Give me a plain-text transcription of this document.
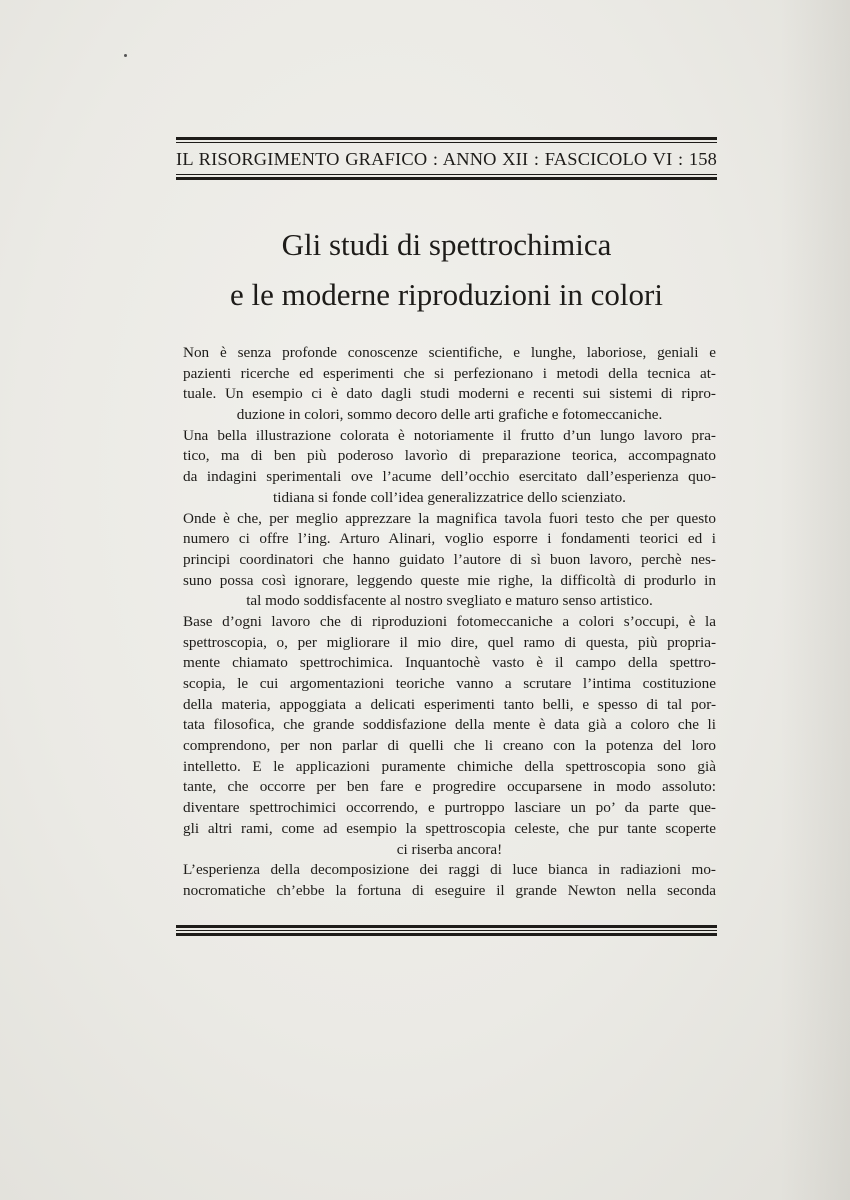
IL RISORGIMENTO GRAFICO : ANNO XII : FASCICOLO VI : 158
Gli studi di spettrochimica
e le moderne riproduzioni in colori
Non è senza profonde conoscenze scientifiche, e lunghe, laboriose, geniali e
pazienti ricerche ed esperimenti che si perfezionano i metodi della tecnica at-
tuale. Un esempio ci è dato dagli studi moderni e recenti sui sistemi di ripro-
duzione in colori, sommo decoro delle arti grafiche e fotomeccaniche.
Una bella illustrazione colorata è notoriamente il frutto d’un lungo lavoro pra-
tico, ma di ben più poderoso lavorìo di preparazione teorica, accompagnato
da indagini sperimentali ove l’acume dell’occhio esercitato dall’esperienza quo-
tidiana si fonde coll’idea generalizzatrice dello scienziato.
Onde è che, per meglio apprezzare la magnifica tavola fuori testo che per questo
numero ci offre l’ing. Arturo Alinari, voglio esporre i fondamenti teorici ed i
principi coordinatori che hanno guidato l’autore di sì buon lavoro, perchè nes-
suno possa così ignorare, leggendo queste mie righe, la difficoltà di produrlo in
tal modo soddisfacente al nostro svegliato e maturo senso artistico.
Base d’ogni lavoro che di riproduzioni fotomeccaniche a colori s’occupi, è la
spettroscopia, o, per migliorare il mio dire, quel ramo di questa, più propria-
mente chiamato spettrochimica. Inquantochè vasto è il campo della spettro-
scopia, le cui argomentazioni teoriche vanno a scrutare l’intima costituzione
della materia, appoggiata a delicati esperimenti tanto belli, e spesso di tal por-
tata filosofica, che grande soddisfazione della mente è data già a coloro che li
comprendono, per non parlar di quelli che li creano con la potenza del loro
intelletto. E le applicazioni puramente chimiche della spettroscopia sono già
tante, che occorre per ben fare e progredire occuparsene in modo assoluto:
diventare spettrochimici occorrendo, e purtroppo lasciare un po’ da parte que-
gli altri rami, come ad esempio la spettroscopia celeste, che pur tante scoperte
ci riserba ancora!
L’esperienza della decomposizione dei raggi di luce bianca in radiazioni mo-
nocromatiche ch’ebbe la fortuna di eseguire il grande Newton nella seconda
